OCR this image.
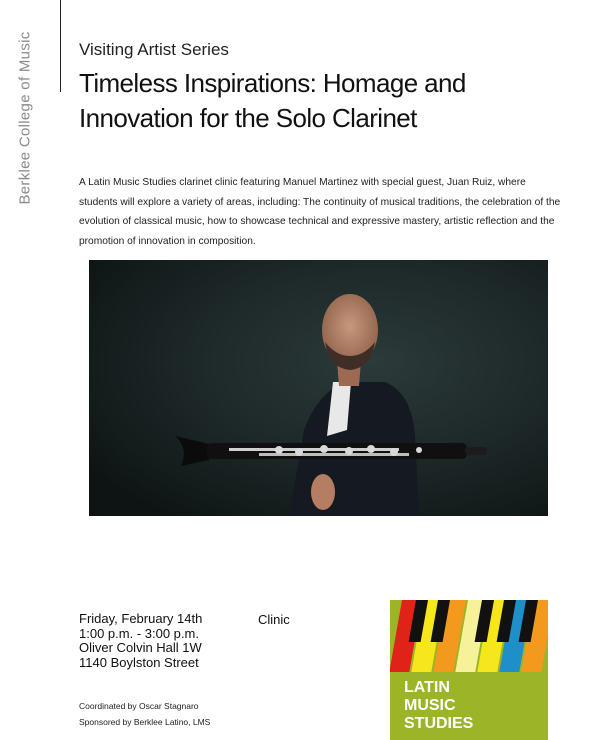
Berklee College of Music	Visiting Artist Series
Timeless Inspirations: Homage and Innovation for the Solo Clarinet
A Latin Music Studies clarinet clinic featuring Manuel Martinez with special guest, Juan Ruiz, where students will explore a variety of areas, including: The continuity of musical traditions, the celebration of the evolution of classical music, how to showcase technical and expressive mastery, artistic reflection and the promotion of innovation in composition.
Friday, February 14th
1:00 p.m. - 3:00 p.m.
Oliver Colvin Hall 1W
1140 Boylston Street
Clinic
Coordinated by Oscar Stagnaro
Sponsored by Berklee Latino, LMS
LATIN
MUSIC
STUDIES
